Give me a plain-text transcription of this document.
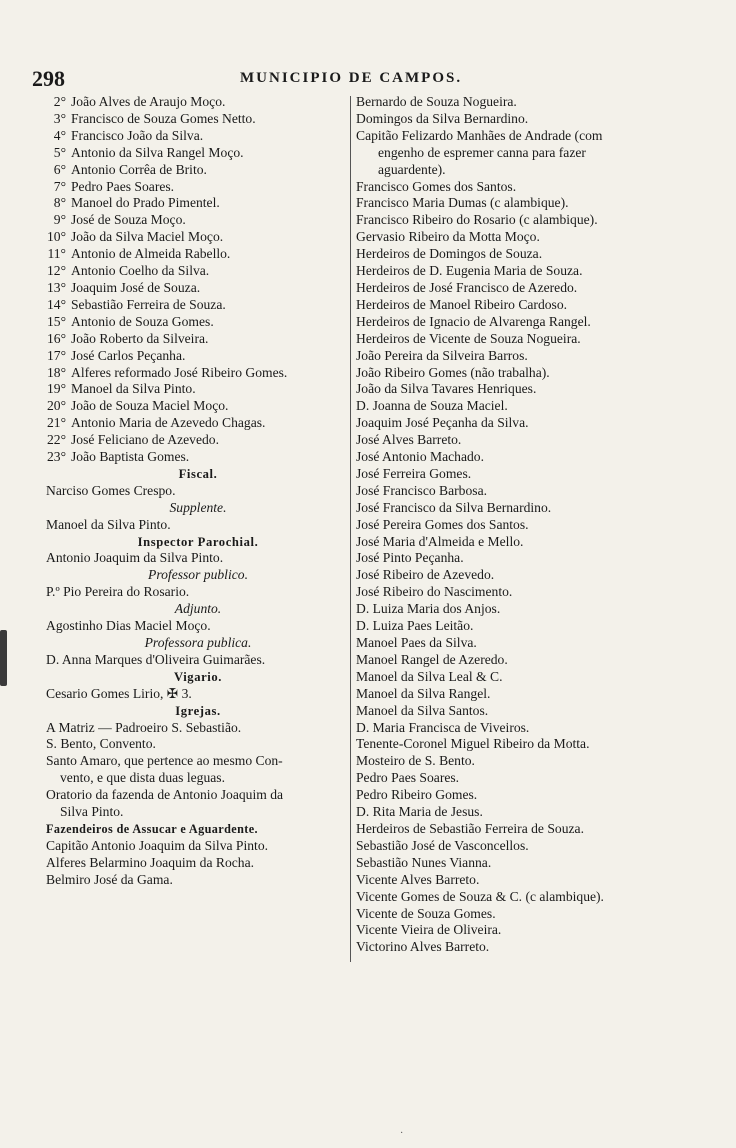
298	MUNICIPIO DE CAMPOS.
2° João Alves de Araujo Moço.
3° Francisco de Souza Gomes Netto.
4° Francisco João da Silva.
5° Antonio da Silva Rangel Moço.
6° Antonio Corrêa de Brito.
7° Pedro Paes Soares.
8° Manoel do Prado Pimentel.
9° José de Souza Moço.
10° João da Silva Maciel Moço.
11° Antonio de Almeida Rabello.
12° Antonio Coelho da Silva.
13° Joaquim José de Souza.
14° Sebastião Ferreira de Souza.
15° Antonio de Souza Gomes.
16° João Roberto da Silveira.
17° José Carlos Peçanha.
18° Alferes reformado José Ribeiro Gomes.
19° Manoel da Silva Pinto.
20° João de Souza Maciel Moço.
21° Antonio Maria de Azevedo Chagas.
22° José Feliciano de Azevedo.
23° João Baptista Gomes.
Fiscal.
Narciso Gomes Crespo.
Supplente.
Manoel da Silva Pinto.
Inspector Parochial.
Antonio Joaquim da Silva Pinto.
Professor publico.
P.º Pio Pereira do Rosario.
Adjunto.
Agostinho Dias Maciel Moço.
Professora publica.
D. Anna Marques d'Oliveira Guimarães.
Vigario.
Cesario Gomes Lirio, ✠ 3.
Igrejas.
A Matriz — Padroeiro S. Sebastião.
S. Bento, Convento.
Santo Amaro, que pertence ao mesmo Con-
vento, e que dista duas leguas.
Oratorio da fazenda de Antonio Joaquim da
Silva Pinto.
Fazendeiros de Assucar e Aguardente.
Capitão Antonio Joaquim da Silva Pinto.
Alferes Belarmino Joaquim da Rocha.
Belmiro José da Gama.
Bernardo de Souza Nogueira.
Domingos da Silva Bernardino.
Capitão Felizardo Manhães de Andrade (com
engenho de espremer canna para fazer
aguardente).
Francisco Gomes dos Santos.
Francisco Maria Dumas (c alambique).
Francisco Ribeiro do Rosario (c alambique).
Gervasio Ribeiro da Motta Moço.
Herdeiros de Domingos de Souza.
Herdeiros de D. Eugenia Maria de Souza.
Herdeiros de José Francisco de Azeredo.
Herdeiros de Manoel Ribeiro Cardoso.
Herdeiros de Ignacio de Alvarenga Rangel.
Herdeiros de Vicente de Souza Nogueira.
João Pereira da Silveira Barros.
João Ribeiro Gomes (não trabalha).
João da Silva Tavares Henriques.
D. Joanna de Souza Maciel.
Joaquim José Peçanha da Silva.
José Alves Barreto.
José Antonio Machado.
José Ferreira Gomes.
José Francisco Barbosa.
José Francisco da Silva Bernardino.
José Pereira Gomes dos Santos.
José Maria d'Almeida e Mello.
José Pinto Peçanha.
José Ribeiro de Azevedo.
José Ribeiro do Nascimento.
D. Luiza Maria dos Anjos.
D. Luiza Paes Leitão.
Manoel Paes da Silva.
Manoel Rangel de Azeredo.
Manoel da Silva Leal & C.
Manoel da Silva Rangel.
Manoel da Silva Santos.
D. Maria Francisca de Viveiros.
Tenente-Coronel Miguel Ribeiro da Motta.
Mosteiro de S. Bento.
Pedro Paes Soares.
Pedro Ribeiro Gomes.
D. Rita Maria de Jesus.
Herdeiros de Sebastião Ferreira de Souza.
Sebastião José de Vasconcellos.
Sebastião Nunes Vianna.
Vicente Alves Barreto.
Vicente Gomes de Souza & C. (c alambique).
Vicente de Souza Gomes.
Vicente Vieira de Oliveira.
Victorino Alves Barreto.
·
